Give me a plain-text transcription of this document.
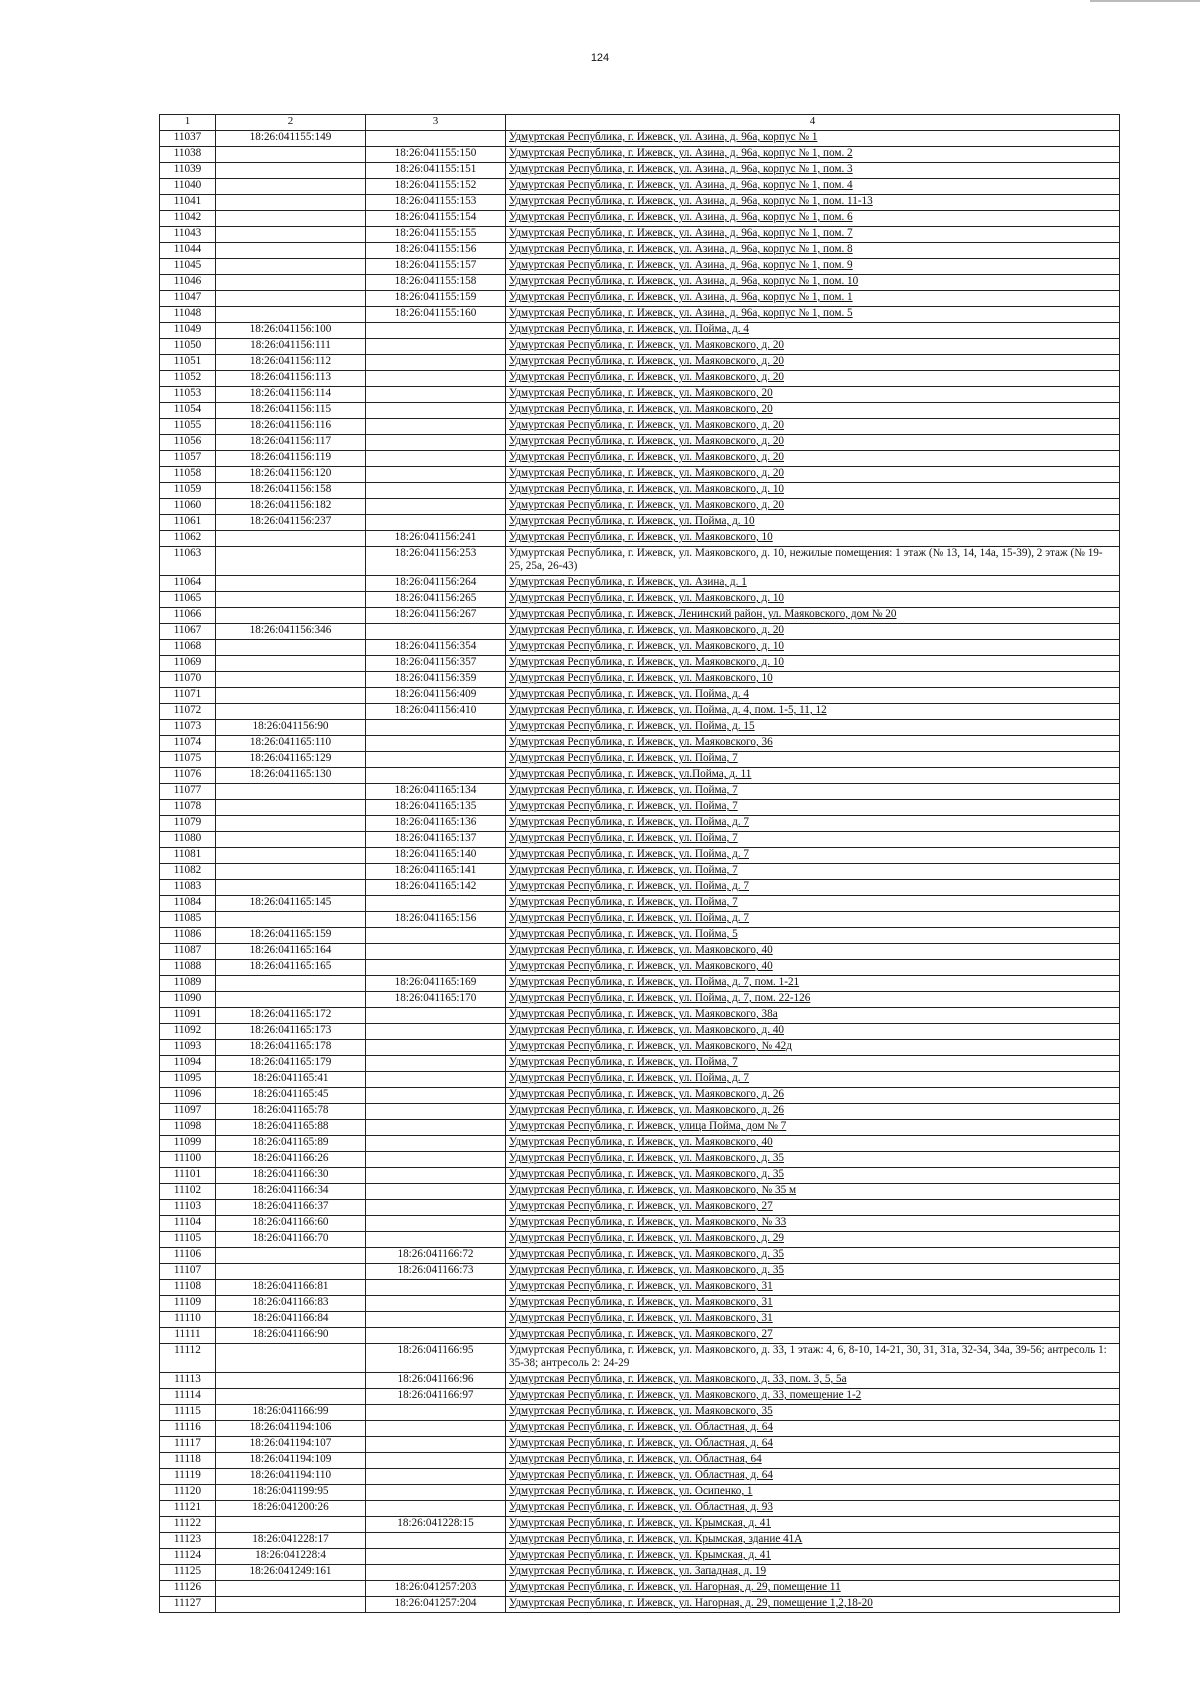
124
1	2	3	4
11037	18:26:041155:149		Удмуртская Республика, г. Ижевск, ул. Азина, д. 96а, корпус № 1
11038		18:26:041155:150	Удмуртская Республика, г. Ижевск, ул. Азина, д. 96а, корпус № 1, пом. 2
11039		18:26:041155:151	Удмуртская Республика, г. Ижевск, ул. Азина, д. 96а, корпус № 1, пом. 3
11040		18:26:041155:152	Удмуртская Республика, г. Ижевск, ул. Азина, д. 96а, корпус № 1, пом. 4
11041		18:26:041155:153	Удмуртская Республика, г. Ижевск, ул. Азина, д. 96а, корпус № 1, пом. 11-13
11042		18:26:041155:154	Удмуртская Республика, г. Ижевск, ул. Азина, д. 96а, корпус № 1, пом. 6
11043		18:26:041155:155	Удмуртская Республика, г. Ижевск, ул. Азина, д. 96а, корпус № 1, пом. 7
11044		18:26:041155:156	Удмуртская Республика, г. Ижевск, ул. Азина, д. 96а, корпус № 1, пом. 8
11045		18:26:041155:157	Удмуртская Республика, г. Ижевск, ул. Азина, д. 96а, корпус № 1, пом. 9
11046		18:26:041155:158	Удмуртская Республика, г. Ижевск, ул. Азина, д. 96а, корпус № 1, пом. 10
11047		18:26:041155:159	Удмуртская Республика, г. Ижевск, ул. Азина, д. 96а, корпус № 1, пом. 1
11048		18:26:041155:160	Удмуртская Республика, г. Ижевск, ул. Азина, д. 96а, корпус № 1, пом. 5
11049	18:26:041156:100		Удмуртская Республика, г. Ижевск, ул. Пойма, д. 4
11050	18:26:041156:111		Удмуртская Республика, г. Ижевск, ул. Маяковского, д. 20
11051	18:26:041156:112		Удмуртская Республика, г. Ижевск, ул. Маяковского, д. 20
11052	18:26:041156:113		Удмуртская Республика, г. Ижевск, ул. Маяковского, д. 20
11053	18:26:041156:114		Удмуртская Республика, г. Ижевск, ул. Маяковского, 20
11054	18:26:041156:115		Удмуртская Республика, г. Ижевск, ул. Маяковского, 20
11055	18:26:041156:116		Удмуртская Республика, г. Ижевск, ул. Маяковского, д. 20
11056	18:26:041156:117		Удмуртская Республика, г. Ижевск, ул. Маяковского, д. 20
11057	18:26:041156:119		Удмуртская Республика, г. Ижевск, ул. Маяковского, д. 20
11058	18:26:041156:120		Удмуртская Республика, г. Ижевск, ул. Маяковского, д. 20
11059	18:26:041156:158		Удмуртская Республика, г. Ижевск, ул. Маяковского, д. 10
11060	18:26:041156:182		Удмуртская Республика, г. Ижевск, ул. Маяковского, д. 20
11061	18:26:041156:237		Удмуртская Республика, г. Ижевск, ул. Пойма, д. 10
11062		18:26:041156:241	Удмуртская Республика, г. Ижевск, ул. Маяковского, 10
11063		18:26:041156:253	Удмуртская Республика, г. Ижевск, ул. Маяковского, д. 10, нежилые помещения: 1 этаж (№ 13, 14, 14а, 15-39), 2 этаж (№ 19-25, 25а, 26-43)
11064		18:26:041156:264	Удмуртская Республика, г. Ижевск, ул. Азина, д. 1
11065		18:26:041156:265	Удмуртская Республика, г. Ижевск, ул. Маяковского, д. 10
11066		18:26:041156:267	Удмуртская Республика, г. Ижевск, Ленинский район, ул. Маяковского, дом № 20
11067	18:26:041156:346		Удмуртская Республика, г. Ижевск, ул. Маяковского, д. 20
11068		18:26:041156:354	Удмуртская Республика, г. Ижевск, ул. Маяковского, д. 10
11069		18:26:041156:357	Удмуртская Республика, г. Ижевск, ул. Маяковского, д. 10
11070		18:26:041156:359	Удмуртская Республика, г. Ижевск, ул. Маяковского, 10
11071		18:26:041156:409	Удмуртская Республика, г. Ижевск, ул. Пойма, д. 4
11072		18:26:041156:410	Удмуртская Республика, г. Ижевск, ул. Пойма, д. 4, пом. 1-5, 11, 12
11073	18:26:041156:90		Удмуртская Республика, г. Ижевск, ул. Пойма, д. 15
11074	18:26:041165:110		Удмуртская Республика, г. Ижевск, ул. Маяковского, 36
11075	18:26:041165:129		Удмуртская Республика, г. Ижевск, ул. Пойма, 7
11076	18:26:041165:130		Удмуртская Республика, г. Ижевск, ул.Пойма, д. 11
11077		18:26:041165:134	Удмуртская Республика, г. Ижевск, ул. Пойма, 7
11078		18:26:041165:135	Удмуртская Республика, г. Ижевск, ул. Пойма, 7
11079		18:26:041165:136	Удмуртская Республика, г. Ижевск, ул. Пойма, д. 7
11080		18:26:041165:137	Удмуртская Республика, г. Ижевск, ул. Пойма, 7
11081		18:26:041165:140	Удмуртская Республика, г. Ижевск, ул. Пойма, д. 7
11082		18:26:041165:141	Удмуртская Республика, г. Ижевск, ул. Пойма, 7
11083		18:26:041165:142	Удмуртская Республика, г. Ижевск, ул. Пойма, д. 7
11084	18:26:041165:145		Удмуртская Республика, г. Ижевск, ул. Пойма, 7
11085		18:26:041165:156	Удмуртская Республика, г. Ижевск, ул. Пойма, д. 7
11086	18:26:041165:159		Удмуртская Республика, г. Ижевск, ул. Пойма, 5
11087	18:26:041165:164		Удмуртская Республика, г. Ижевск, ул. Маяковского, 40
11088	18:26:041165:165		Удмуртская Республика, г. Ижевск, ул. Маяковского, 40
11089		18:26:041165:169	Удмуртская Республика, г. Ижевск, ул. Пойма, д. 7, пом. 1-21
11090		18:26:041165:170	Удмуртская Республика, г. Ижевск, ул. Пойма, д. 7, пом. 22-126
11091	18:26:041165:172		Удмуртская Республика, г. Ижевск, ул. Маяковского, 38а
11092	18:26:041165:173		Удмуртская Республика, г. Ижевск, ул. Маяковского, д. 40
11093	18:26:041165:178		Удмуртская Республика, г. Ижевск, ул. Маяковского, № 42д
11094	18:26:041165:179		Удмуртская Республика, г. Ижевск, ул. Пойма, 7
11095	18:26:041165:41		Удмуртская Республика, г. Ижевск, ул. Пойма, д. 7
11096	18:26:041165:45		Удмуртская Республика, г. Ижевск, ул. Маяковского, д. 26
11097	18:26:041165:78		Удмуртская Республика, г. Ижевск, ул. Маяковского, д. 26
11098	18:26:041165:88		Удмуртская Республика, г. Ижевск, улица Пойма, дом № 7
11099	18:26:041165:89		Удмуртская Республика, г. Ижевск, ул. Маяковского, 40
11100	18:26:041166:26		Удмуртская Республика, г. Ижевск, ул. Маяковского, д. 35
11101	18:26:041166:30		Удмуртская Республика, г. Ижевск, ул. Маяковского, д. 35
11102	18:26:041166:34		Удмуртская Республика, г. Ижевск, ул. Маяковского, № 35 м
11103	18:26:041166:37		Удмуртская Республика, г. Ижевск, ул. Маяковского, 27
11104	18:26:041166:60		Удмуртская Республика, г. Ижевск, ул. Маяковского, № 33
11105	18:26:041166:70		Удмуртская Республика, г. Ижевск, ул. Маяковского, д. 29
11106		18:26:041166:72	Удмуртская Республика, г. Ижевск, ул. Маяковского, д. 35
11107		18:26:041166:73	Удмуртская Республика, г. Ижевск, ул. Маяковского, д. 35
11108	18:26:041166:81		Удмуртская Республика, г. Ижевск, ул. Маяковского, 31
11109	18:26:041166:83		Удмуртская Республика, г. Ижевск, ул. Маяковского, 31
11110	18:26:041166:84		Удмуртская Республика, г. Ижевск, ул. Маяковского, 31
11111	18:26:041166:90		Удмуртская Республика, г. Ижевск, ул. Маяковского, 27
11112		18:26:041166:95	Удмуртская Республика, г. Ижевск, ул. Маяковского, д. 33, 1 этаж: 4, 6, 8-10, 14-21, 30, 31, 31а, 32-34, 34а, 39-56; антресоль 1: 35-38; антресоль 2: 24-29
11113		18:26:041166:96	Удмуртская Республика, г. Ижевск, ул. Маяковского, д. 33, пом. 3, 5, 5а
11114		18:26:041166:97	Удмуртская Республика, г. Ижевск, ул. Маяковского, д. 33, помещение 1-2
11115	18:26:041166:99		Удмуртская Республика, г. Ижевск, ул. Маяковского, 35
11116	18:26:041194:106		Удмуртская Республика, г. Ижевск, ул. Областная, д. 64
11117	18:26:041194:107		Удмуртская Республика, г. Ижевск, ул. Областная, д. 64
11118	18:26:041194:109		Удмуртская Республика, г. Ижевск, ул. Областная, 64
11119	18:26:041194:110		Удмуртская Республика, г. Ижевск, ул. Областная, д. 64
11120	18:26:041199:95		Удмуртская Республика, г. Ижевск, ул. Осипенко, 1
11121	18:26:041200:26		Удмуртская Республика, г. Ижевск, ул. Областная, д. 93
11122		18:26:041228:15	Удмуртская Республика, г. Ижевск, ул. Крымская, д. 41
11123	18:26:041228:17		Удмуртская Республика, г. Ижевск, ул. Крымская, здание 41А
11124	18:26:041228:4		Удмуртская Республика, г. Ижевск, ул. Крымская, д. 41
11125	18:26:041249:161		Удмуртская Республика, г. Ижевск, ул. Западная, д. 19
11126		18:26:041257:203	Удмуртская Республика, г. Ижевск, ул. Нагорная, д. 29, помещение 11
11127		18:26:041257:204	Удмуртская Республика, г. Ижевск, ул. Нагорная, д. 29, помещение 1,2,18-20
